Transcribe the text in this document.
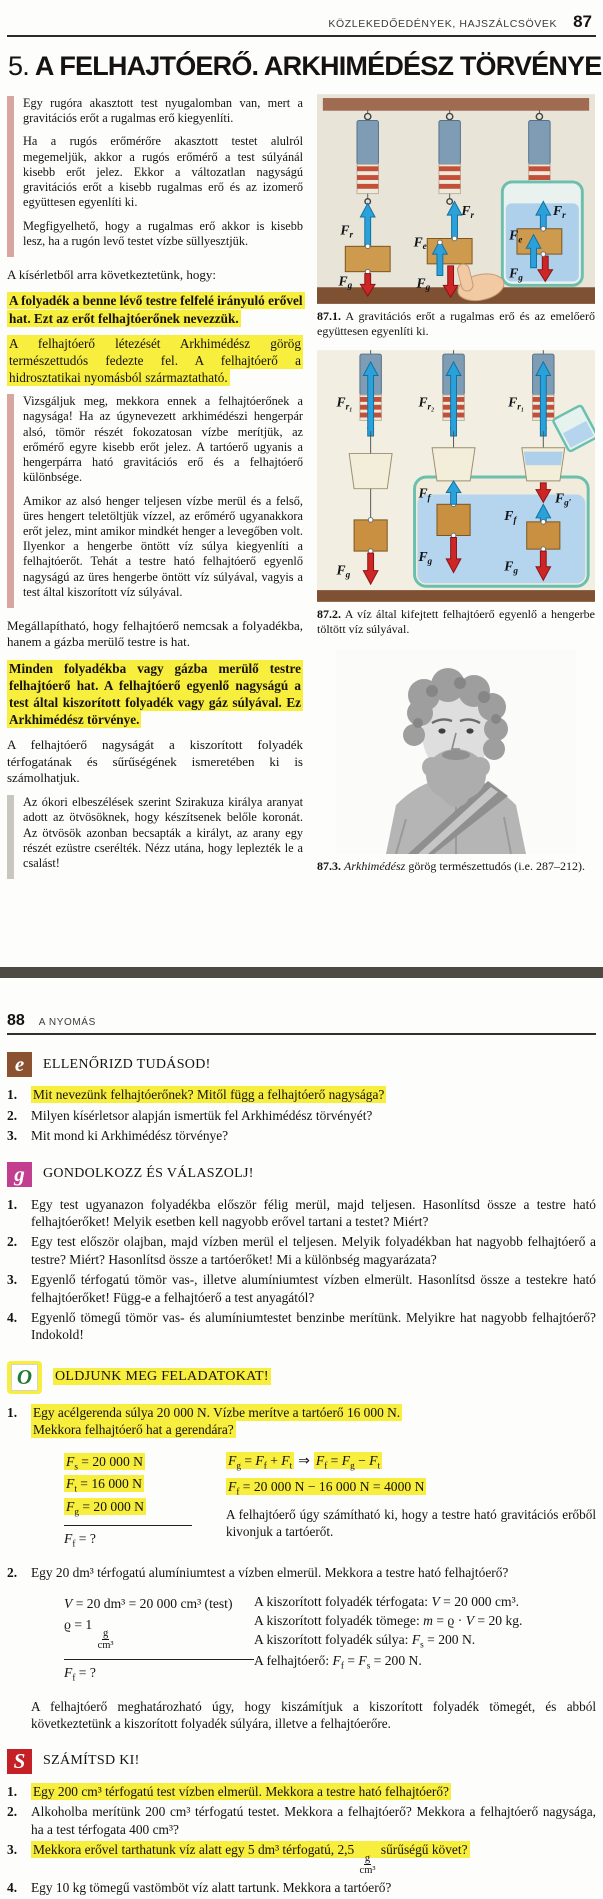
KÖZLEKEDŐEDÉNYEK, HAJSZÁLCSÖVEK 87
5. A FELHAJTÓERŐ. ARKHIMÉDÉSZ TÖRVÉNYE

Egy rugóra akasztott test nyugalomban van, mert a gravitációs erőt a rugalmas erő kiegyenlíti.

Ha a rugós erőmérőre akasztott testet alulról megemeljük, akkor a rugós erőmérő a test súlyánál kisebb erőt jelez. Ekkor a változatlan nagyságú gravitációs erőt a kisebb rugalmas erő és az izomerő együttesen egyenlíti ki.

Megfigyelhető, hogy a rugalmas erő akkor is kisebb lesz, ha a rugón levő testet vízbe süllyesztjük.

A kísérletből arra következtetünk, hogy:

A folyadék a benne lévő testre felfelé irányuló erővel hat. Ezt az erőt felhajtóerőnek nevezzük.

A felhajtóerő létezését Arkhimédész görög természettudós fedezte fel. A felhajtóerő a hidrosztatikai nyomásból származtatható.

Vizsgáljuk meg, mekkora ennek a felhajtóerőnek a nagysága! Ha az úgynevezett arkhimédészi hengerpár alsó, tömör részét fokozatosan vízbe merítjük, az erőmérő egyre kisebb erőt jelez. A tartóerő ugyanis a hengerpárra ható gravitációs erő és a felhajtóerő különbsége.

Amikor az alsó henger teljesen vízbe merül és a felső, üres hengert teletöltjük vízzel, az erőmérő ugyanakkora erőt jelez, mint amikor mindkét henger a levegőben volt. Ilyenkor a hengerbe öntött víz súlya kiegyenlíti a felhajtóerőt. Tehát a testre ható felhajtóerő egyenlő nagyságú az üres hengerbe öntött víz súlyával, vagyis a test által kiszorított víz súlyával.

Megállapítható, hogy felhajtóerő nemcsak a folyadékba, hanem a gázba merülő testre is hat.

Minden folyadékba vagy gázba merülő testre felhajtóerő hat. A felhajtóerő egyenlő nagyságú a test által kiszorított folyadék vagy gáz súlyával. Ez Arkhimédész törvénye.

A felhajtóerő nagyságát a kiszorított folyadék térfogatának és sűrűségének ismeretében ki is számolhatjuk.

Az ókori elbeszélések szerint Szirakuza királya aranyat adott az ötvösöknek, hogy készítsenek belőle koronát. Az ötvösök azonban becsapták a királyt, az arany egy részét ezüstre cserélték. Nézz utána, hogy leplezték le a csalást!

$F_r$
$F_g$
$F_r$
$F_e$
$F_g$
$F_r$
$F_e$
$F_g$
87.1. A gravitációs erőt a rugalmas erő és az emelőerő együttesen egyenlíti ki.
$F_{r_1}$
$F_g$
$F_{r_2}$
$F_f$
$F_g$
$F_{r_1}$
$F_{g'}$
$F_f$
$F_g$
87.2. A víz által kifejtett felhajtóerő egyenlő a hengerbe töltött víz súlyával.
87.3. Arkhimédész görög természettudós (i.e. 287–212).
88 A NYOMÁS
e	ELLENŐRIZD TUDÁSOD!
1.	Mit nevezünk felhajtóerőnek? Mitől függ a felhajtóerő nagysága?
2.	Milyen kísérletsor alapján ismertük fel Arkhimédész törvényét?
3.	Mit mond ki Arkhimédész törvénye?
g	GONDOLKOZZ ÉS VÁLASZOLJ!
1.	Egy test ugyanazon folyadékba először félig merül, majd teljesen. Hasonlítsd össze a testre ható felhajtóerőket! Melyik esetben kell nagyobb erővel tartani a testet? Miért?
2.	Egy test először olajban, majd vízben merül el teljesen. Melyik folyadékban hat nagyobb felhajtóerő a testre? Miért? Hasonlítsd össze a tartóerőket! Mi a különbség magyarázata?
3.	Egyenlő térfogatú tömör vas-, illetve alumíniumtest vízben elmerült. Hasonlítsd össze a testekre ható felhajtóerőket! Függ-e a felhajtóerő a test anyagától?
4.	Egyenlő tömegű tömör vas- és alumíniumtestet benzinbe merítünk. Melyikre hat nagyobb felhajtóerő? Indokold!
O	OLDJUNK MEG FELADATOKAT!
1.	Egy acélgerenda súlya 20 000 N. Vízbe merítve a tartóerő 16 000 N.
Mekkora felhajtóerő hat a gerendára?
$F_s = 20$ 000 N
$F_t = 16$ 000 N
$F_g = 20$ 000 N
$F_f$ = ?
$F_g = F_f + F_t$ ⇒ $F_f = F_g - F_t$
$F_f = 20$ 000 N − 16 000 N = 4000 N

A felhajtóerő úgy számítható ki, hogy a testre ható gravitációs erőből kivonjuk a tartóerőt.

2.	Egy 20 dm³ térfogatú alumíniumtest a vízben elmerül. Mekkora a testre ható felhajtóerő?
V = 20 dm³ = 20 000 cm³ (test)
ϱ = 1
$\frac{g}{\text{cm³}}$
$F_f$ = ?
A kiszorított folyadék térfogata: V = 20 000 cm³.
A kiszorított folyadék tömege: m = ϱ · V = 20 kg.
A kiszorított folyadék súlya: $F_s = 200$ N.
A felhajtóerő: $F_f = F_s = 200$ N.

A felhajtóerő meghatározható úgy, hogy kiszámítjuk a kiszorított folyadék tömegét, és abból következtetünk a kiszorított folyadék súlyára, illetve a felhajtóerőre.

S	SZÁMÍTSD KI!
1.	Egy 200 cm³ térfogatú test vízben elmerül. Mekkora a testre ható felhajtóerő?
2.	Alkoholba merítünk 200 cm³ térfogatú testet. Mekkora a felhajtóerő? Mekkora a felhajtóerő nagysága, ha a test térfogata 400 cm³?
3.	Mekkora erővel tarthatunk víz alatt egy 5 dm³ térfogatú, 2,5
$\frac{g}{\text{cm³}}$
sűrűségű követ?
4.	Egy 10 kg tömegű vastömböt víz alatt tartunk. Mekkora a tartóerő?
